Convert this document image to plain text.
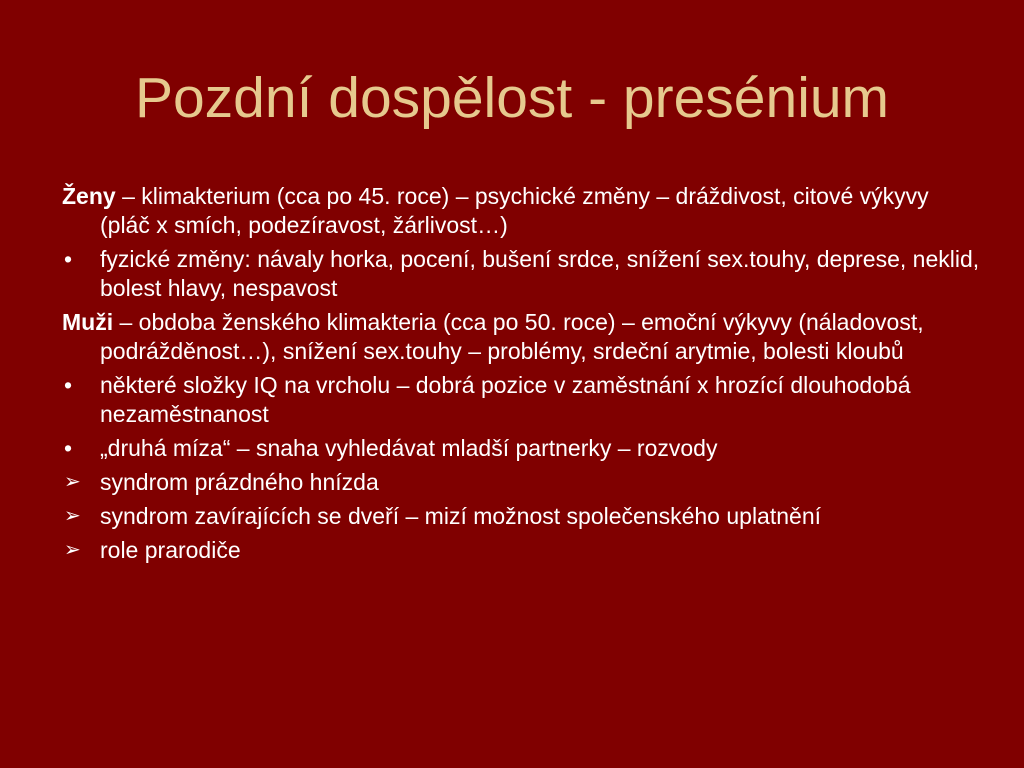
Pozdní dospělost - presénium
Ženy – klimakterium (cca po 45. roce) – psychické změny – dráždivost, citové výkyvy (pláč x smích, podezíravost, žárlivost…)
•	fyzické změny: návaly horka, pocení, bušení srdce, snížení sex.touhy, deprese, neklid, bolest hlavy, nespavost
Muži – obdoba ženského klimakteria (cca po 50. roce) – emoční výkyvy (náladovost, podrážděnost…), snížení sex.touhy – problémy, srdeční arytmie, bolesti kloubů
•	některé složky IQ na vrcholu – dobrá pozice v zaměstnání x hrozící dlouhodobá nezaměstnanost
•	„druhá míza“ – snaha vyhledávat mladší partnerky – rozvody
➢ syndrom prázdného hnízda
➢ syndrom zavírajících se dveří – mizí možnost společenského uplatnění
➢ role prarodiče
